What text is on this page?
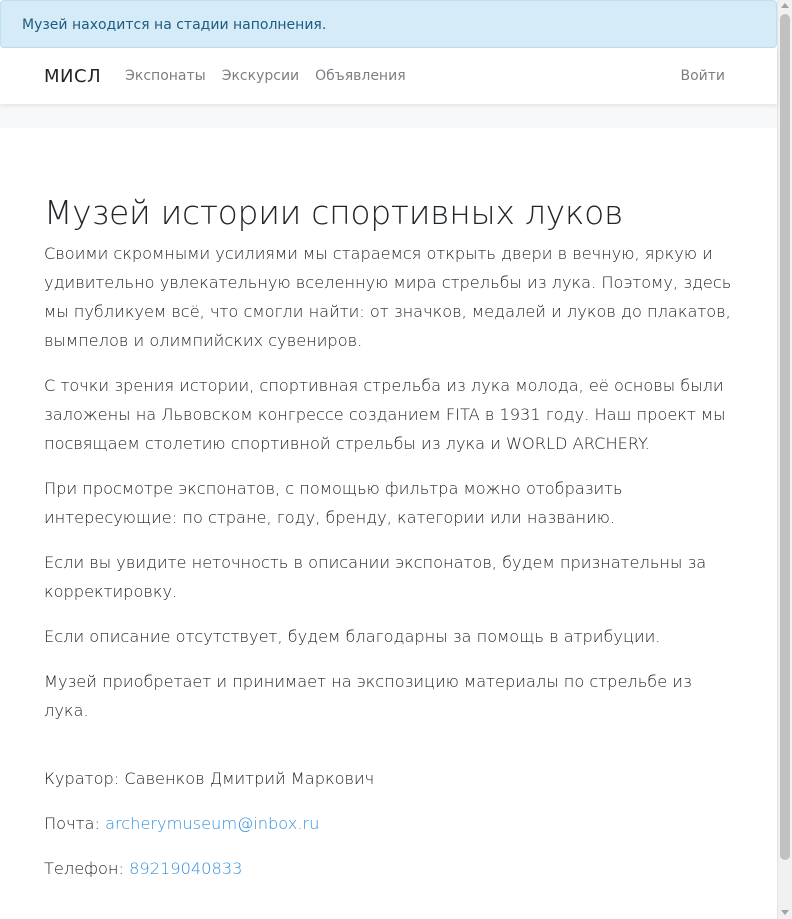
Музей находится на стадии наполнения.
МИСЛ Экспонаты Экскурсии Объявления	Войти
Музей истории спортивных луков

Своими скромными усилиями мы стараемся открыть двери в вечную, яркую и удивительно увлекательную вселенную мира стрельбы из лука. Поэтому, здесь мы публикуем всё, что смогли найти: от значков, медалей и луков до плакатов, вымпелов и олимпийских сувениров.

С точки зрения истории, спортивная стрельба из лука молода, её основы были заложены на Львовском конгрессе созданием FITA в 1931 году. Наш проект мы посвящаем столетию спортивной стрельбы из лука и WORLD ARCHERY.

При просмотре экспонатов, с помощью фильтра можно отобразить интересующие: по стране, году, бренду, категории или названию.

Если вы увидите неточность в описании экспонатов, будем признательны за корректировку.

Если описание отсутствует, будем благодарны за помощь в атрибуции.

Музей приобретает и принимает на экспозицию материалы по стрельбе из лука.

Куратор: Савенков Дмитрий Маркович

Почта: archerymuseum@inbox.ru

Телефон: 89219040833
